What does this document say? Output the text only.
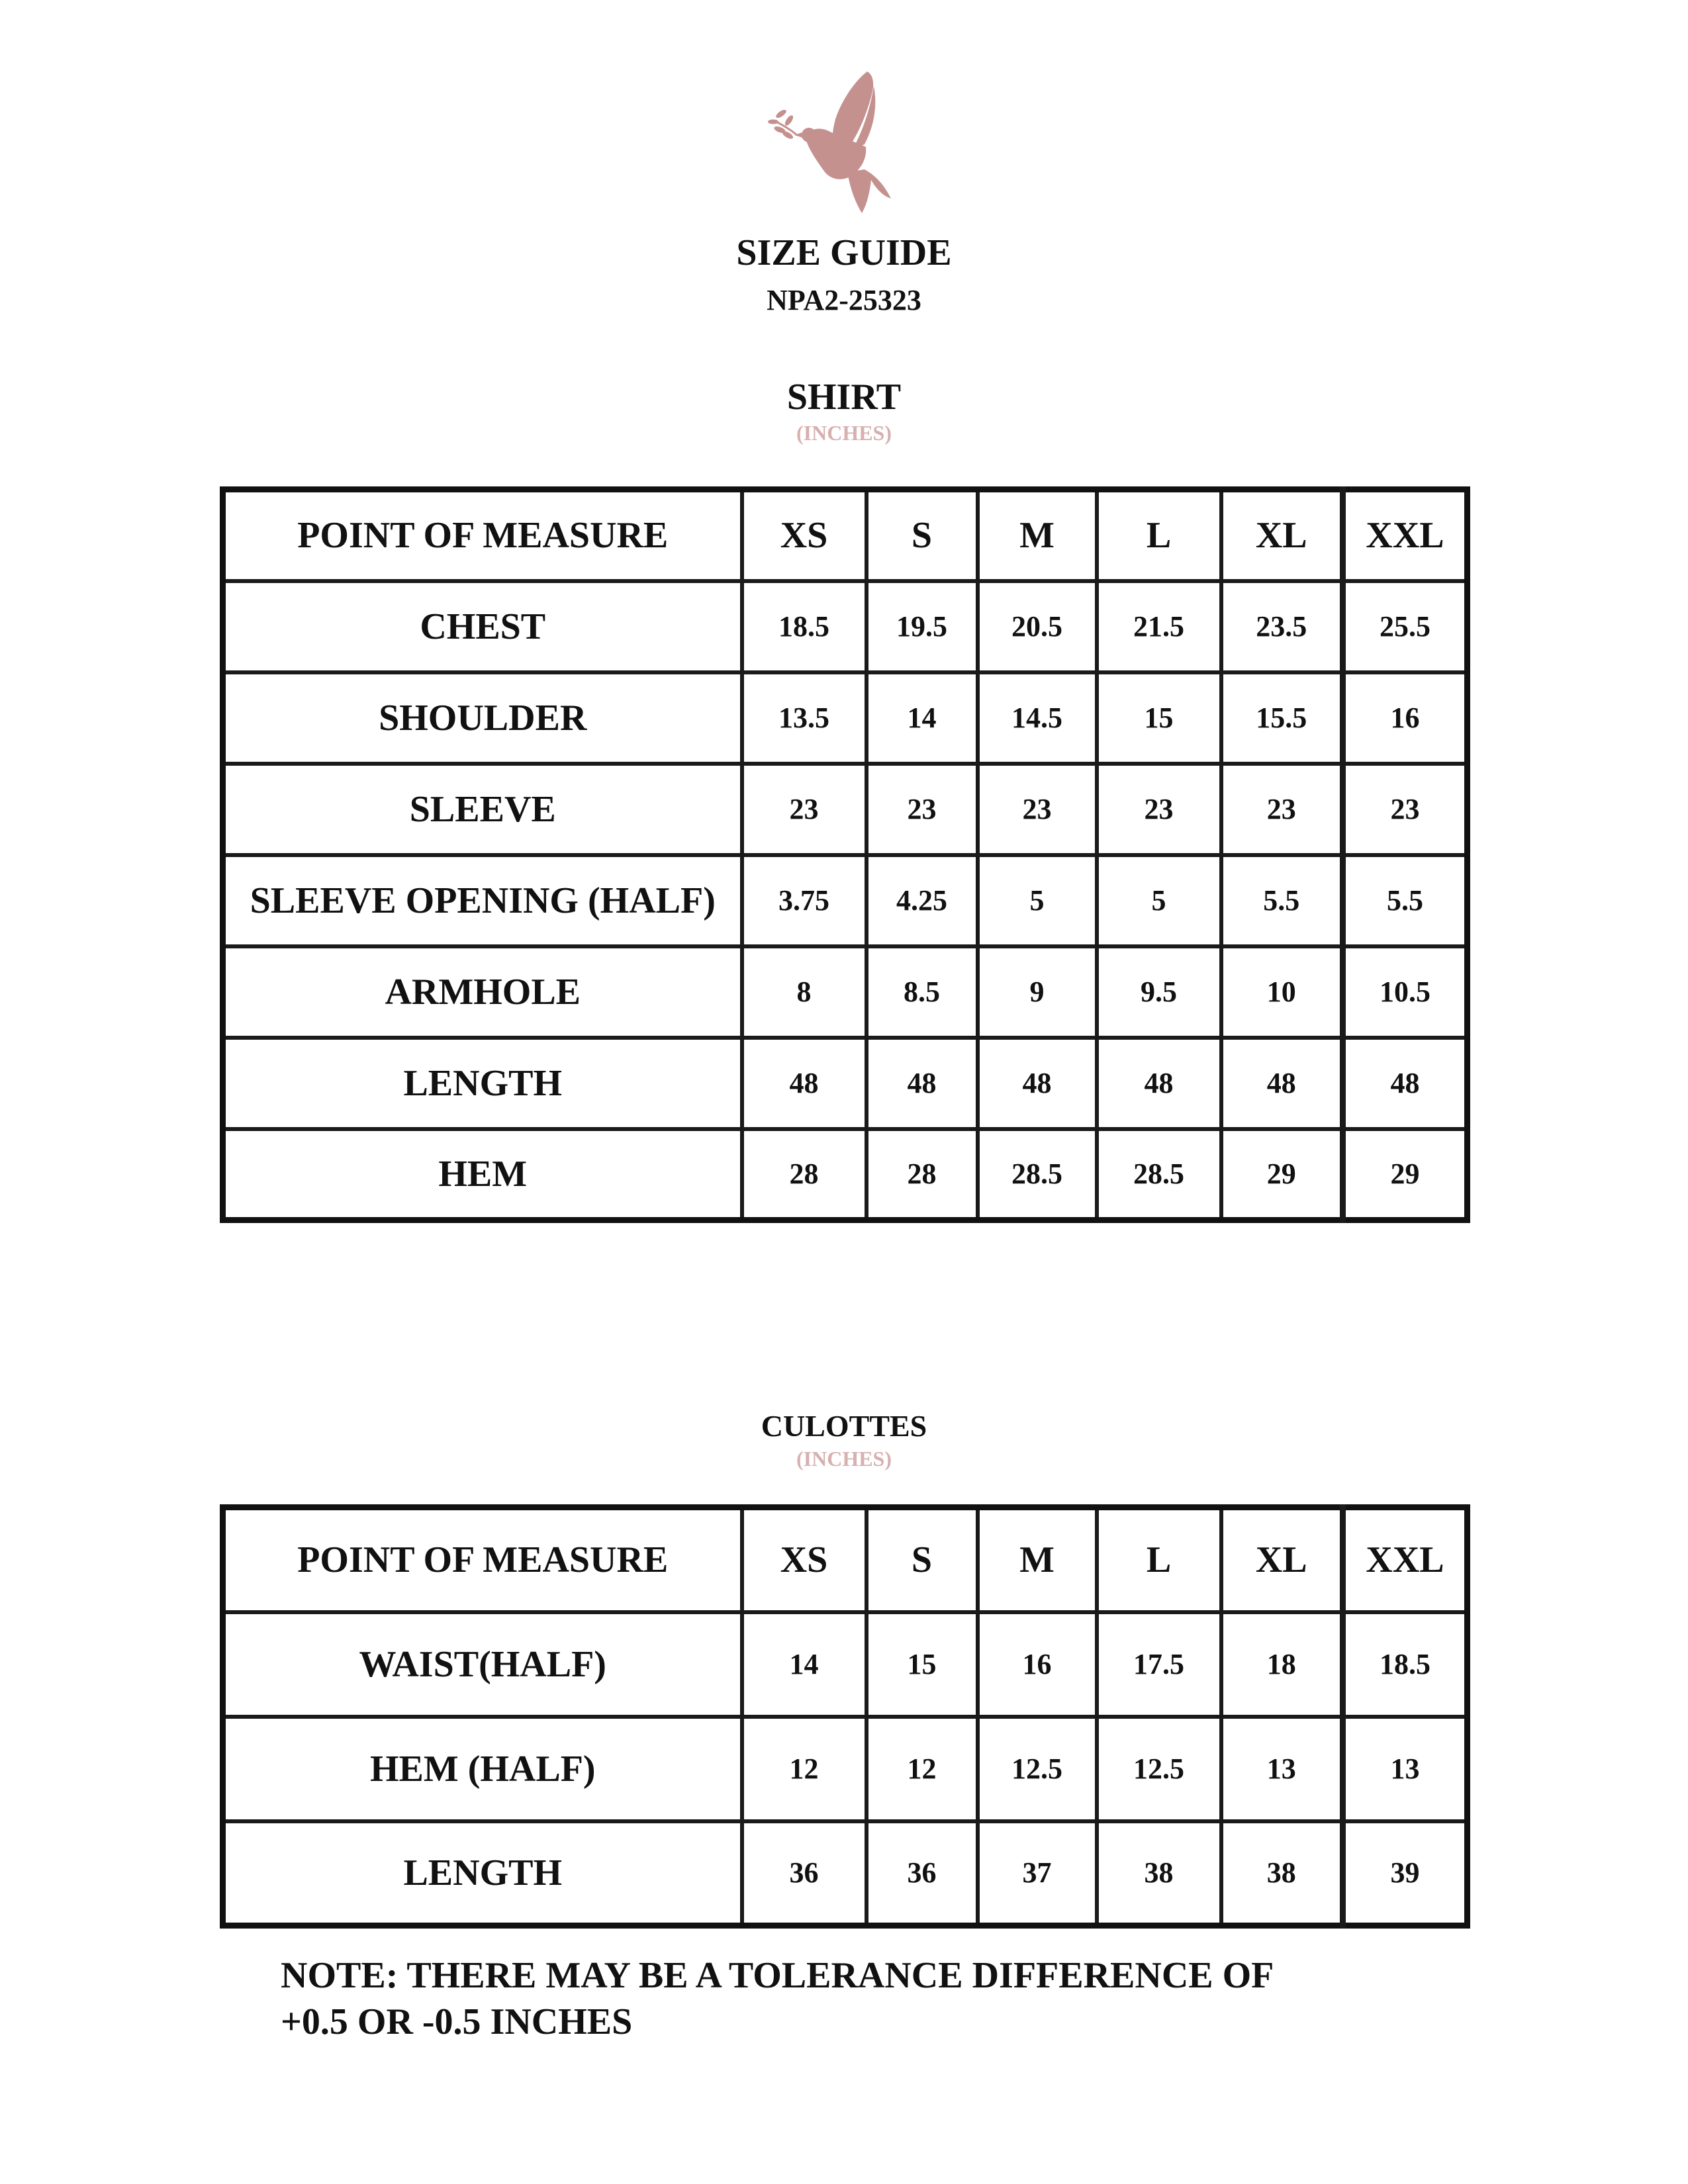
SIZE GUIDE
NPA2-25323
SHIRT
(INCHES)
POINT OF MEASURE	XS	S	M	L	XL	XXL
CHEST	18.5	19.5	20.5	21.5	23.5	25.5
SHOULDER	13.5	14	14.5	15	15.5	16
SLEEVE	23	23	23	23	23	23
SLEEVE OPENING (HALF)	3.75	4.25	5	5	5.5	5.5
ARMHOLE	8	8.5	9	9.5	10	10.5
LENGTH	48	48	48	48	48	48
HEM	28	28	28.5	28.5	29	29
CULOTTES
(INCHES)
POINT OF MEASURE	XS	S	M	L	XL	XXL
WAIST(HALF)	14	15	16	17.5	18	18.5
HEM (HALF)	12	12	12.5	12.5	13	13
LENGTH	36	36	37	38	38	39
NOTE: THERE MAY BE A TOLERANCE DIFFERENCE OF
+0.5 OR -0.5 INCHES
